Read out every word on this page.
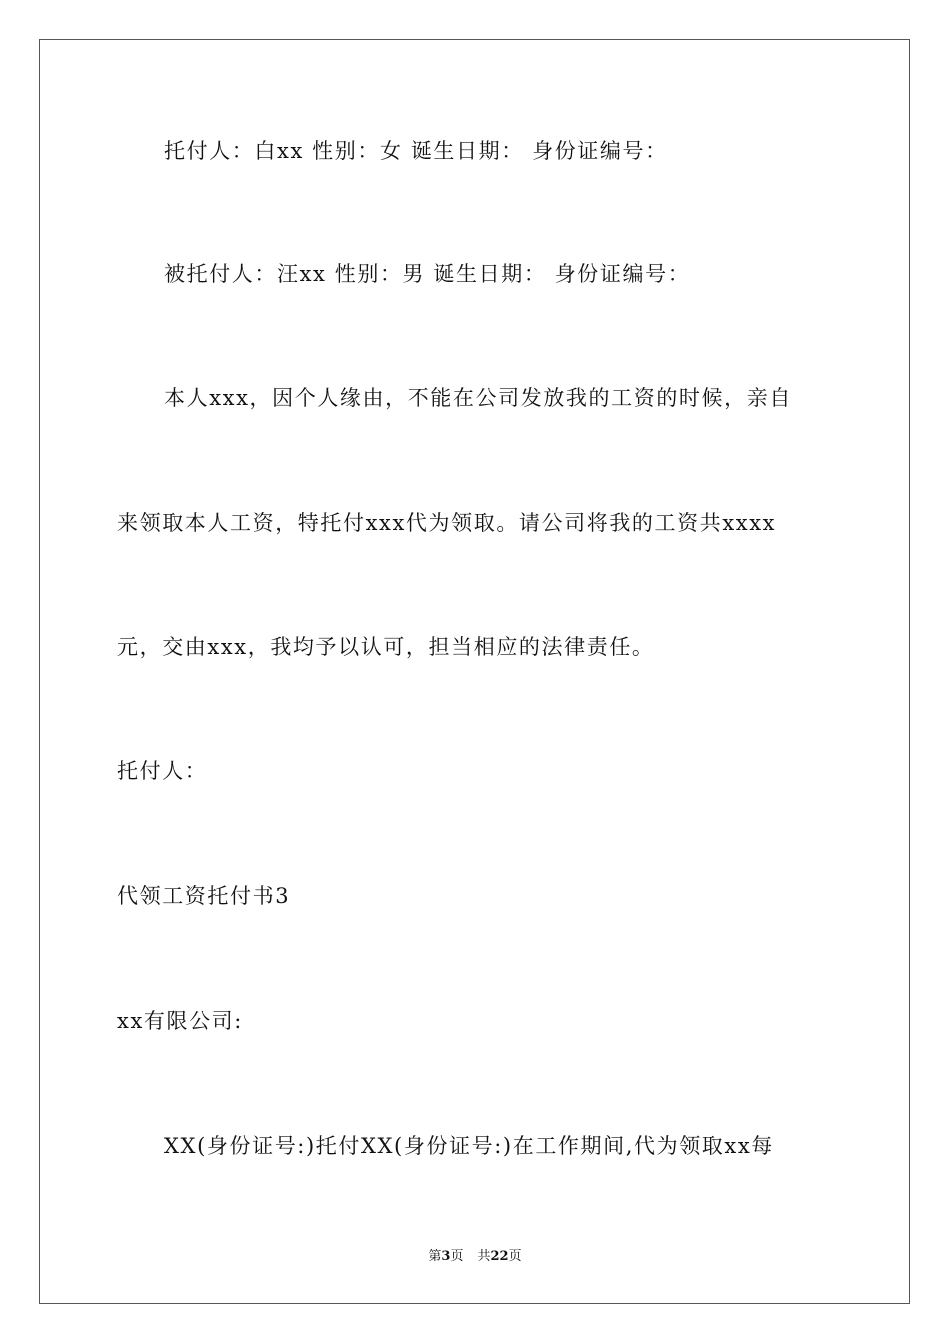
托付人：白xx 性别：女 诞生日期： 身份证编号：
被托付人：汪xx 性别：男 诞生日期： 身份证编号：
本人xxx，因个人缘由，不能在公司发放我的工资的时候，亲自
来领取本人工资，特托付xxx代为领取。请公司将我的工资共xxxx
元，交由xxx，我均予以认可，担当相应的法律责任。
托付人：
代领工资托付书3
xx有限公司:
XX(身份证号:)托付XX(身份证号:)在工作期间,代为领取xx每
第3页 共22页
